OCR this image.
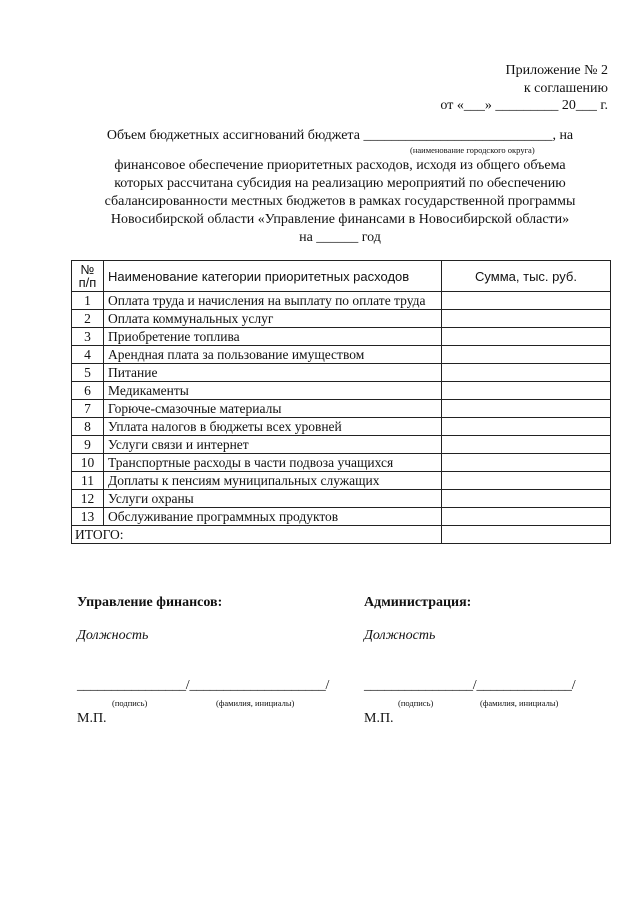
Приложение № 2
к соглашению
от «___» _________ 20___ г.
Объем бюджетных ассигнований бюджета ___________________________, на
(наименование городского округа)
финансовое обеспечение приоритетных расходов, исходя из общего объема
которых рассчитана субсидия на реализацию мероприятий по обеспечению
сбалансированности местных бюджетов в рамках государственной программы
Новосибирской области «Управление финансами в Новосибирской области»
на ______ год
№ п/п	Наименование категории приоритетных расходов	Сумма, тыс. руб.
1	Оплата труда и начисления на выплату по оплате труда	
2	Оплата коммунальных услуг	
3	Приобретение топлива	
4	Арендная плата за пользование имуществом	
5	Питание	
6	Медикаменты	
7	Горюче-смазочные материалы	
8	Уплата налогов в бюджеты всех уровней	
9	Услуги связи и интернет	
10	Транспортные расходы в части подвоза учащихся	
11	Доплаты к пенсиям муниципальных служащих	
12	Услуги охраны	
13	Обслуживание программных продуктов	
ИТОГО:		
Управление финансов:
Должность
________________/____________________/
(подпись)	(фамилия, инициалы)
М.П.
Администрация:
Должность
________________/______________/
(подпись)	(фамилия, инициалы)
М.П.
